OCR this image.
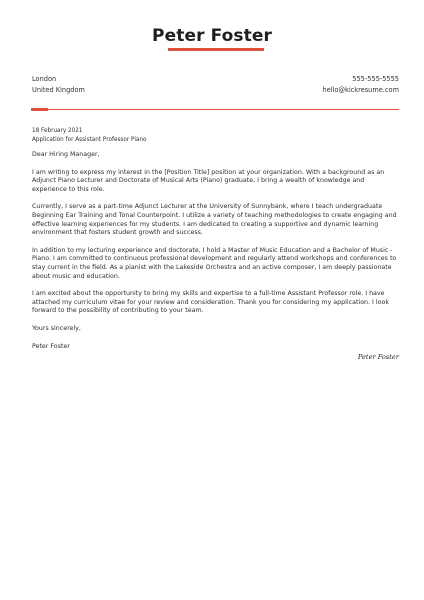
Peter Foster
London
United Kingdom
555-555-5555
hello@kickresume.com
18 February 2021
Application for Assistant Professor Piano

Dear Hiring Manager,

I am writing to express my interest in the [Position Title] position at your organization. With a background as an Adjunct Piano Lecturer and Doctorate of Musical Arts (Piano) graduate, I bring a wealth of knowledge and experience to this role.

Currently, I serve as a part-time Adjunct Lecturer at the University of Sunnybank, where I teach undergraduate Beginning Ear Training and Tonal Counterpoint. I utilize a variety of teaching methodologies to create engaging and effective learning experiences for my students. I am dedicated to creating a supportive and dynamic learning environment that fosters student growth and success.

In addition to my lecturing experience and doctorate, I hold a Master of Music Education and a Bachelor of Music - Piano. I am committed to continuous professional development and regularly attend workshops and conferences to stay current in the field. As a pianist with the Lakeside Orchestra and an active composer, I am deeply passionate about music and education.

I am excited about the opportunity to bring my skills and expertise to a full-time Assistant Professor role. I have attached my curriculum vitae for your review and consideration. Thank you for considering my application. I look forward to the possibility of contributing to your team.

Yours sincerely,

Peter Foster

Peter Foster
